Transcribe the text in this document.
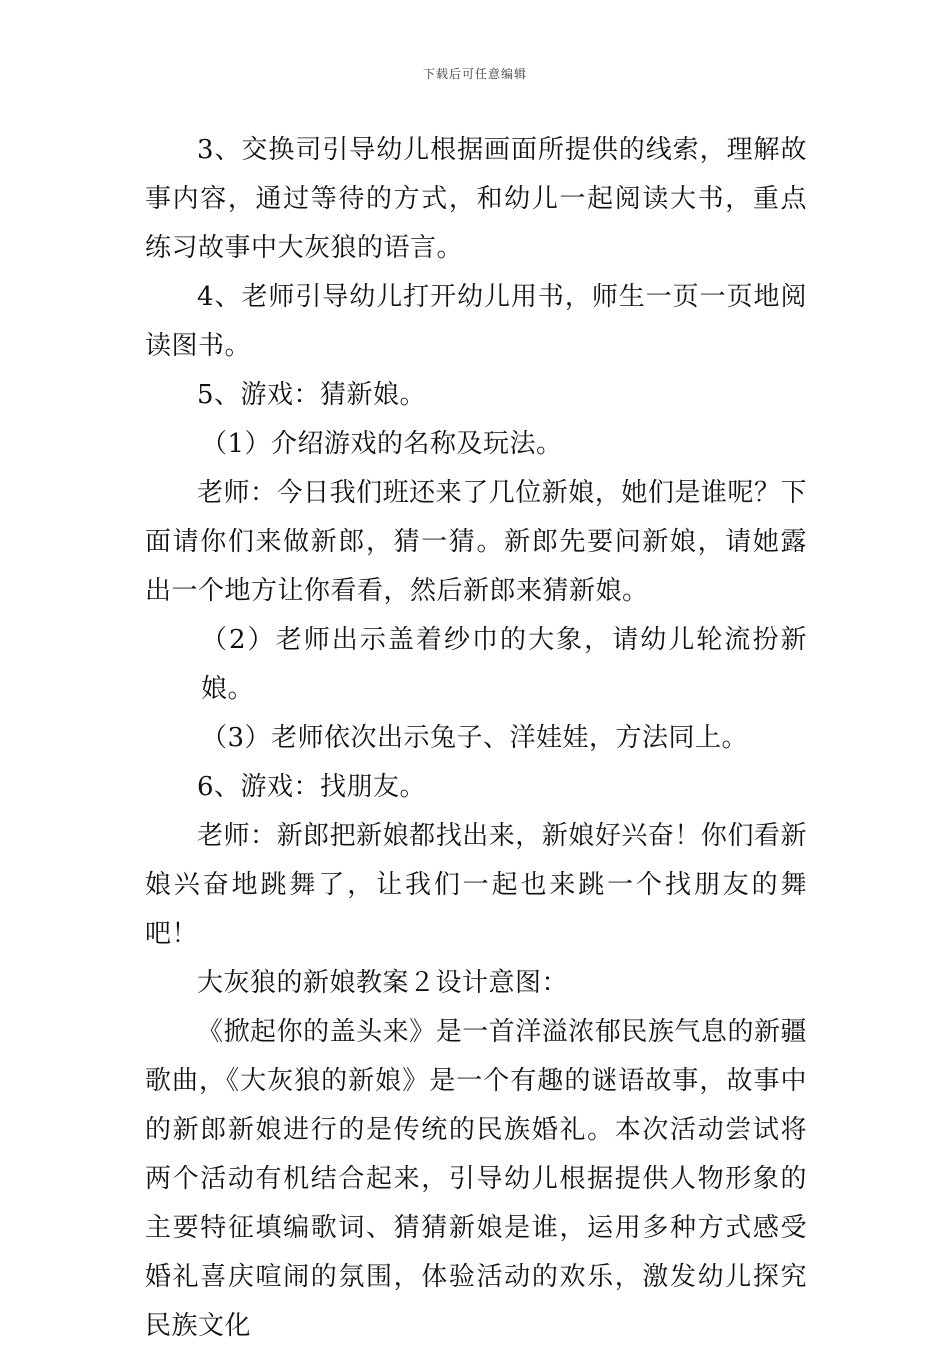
下载后可任意编辑

3、交换司引导幼儿根据画面所提供的线索，理解故事内容，通过等待的方式，和幼儿一起阅读大书，重点练习故事中大灰狼的语言。

4、老师引导幼儿打开幼儿用书，师生一页一页地阅读图书。

5、游戏：猜新娘。

（1）介绍游戏的名称及玩法。

老师：今日我们班还来了几位新娘，她们是谁呢？下面请你们来做新郎，猜一猜。新郎先要问新娘，请她露出一个地方让你看看，然后新郎来猜新娘。

（2）老师出示盖着纱巾的大象，请幼儿轮流扮新娘。

（3）老师依次出示兔子、洋娃娃，方法同上。

6、游戏：找朋友。

老师：新郎把新娘都找出来，新娘好兴奋！你们看新娘兴奋地跳舞了，让我们一起也来跳一个找朋友的舞吧！

大灰狼的新娘教案２设计意图：

《掀起你的盖头来》是一首洋溢浓郁民族气息的新疆歌曲，《大灰狼的新娘》是一个有趣的谜语故事，故事中的新郎新娘进行的是传统的民族婚礼。本次活动尝试将两个活动有机结合起来，引导幼儿根据提供人物形象的主要特征填编歌词、猜猜新娘是谁，运用多种方式感受婚礼喜庆喧闹的氛围，体验活动的欢乐，激发幼儿探究民族文化
